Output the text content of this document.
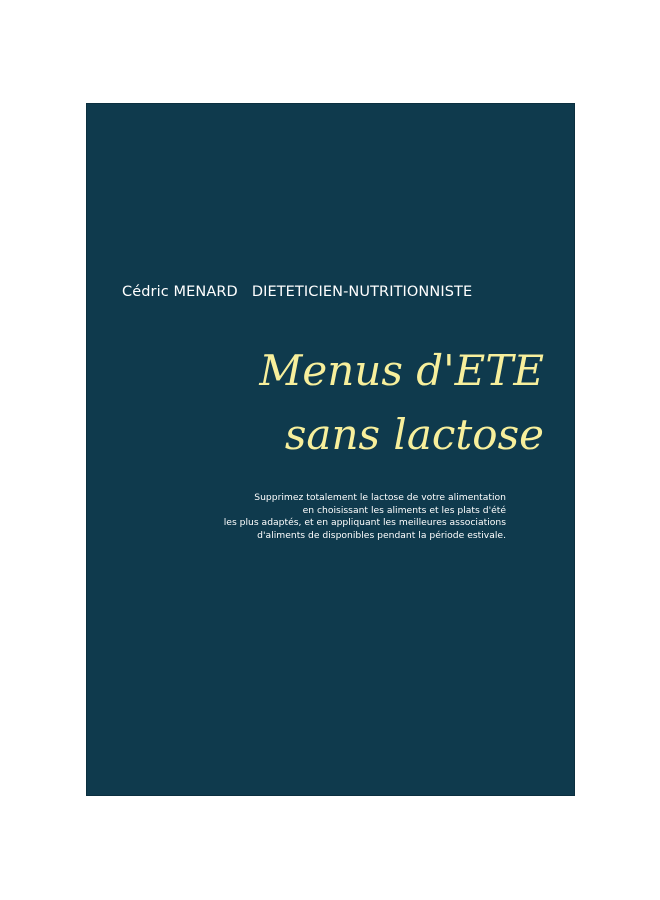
Cédric MENARD DIETETICIEN-NUTRITIONNISTE
Menus d'ETE
sans lactose
Supprimez totalement le lactose de votre alimentation
en choisissant les aliments et les plats d'été
les plus adaptés, et en appliquant les meilleures associations
d'aliments de disponibles pendant la période estivale.
